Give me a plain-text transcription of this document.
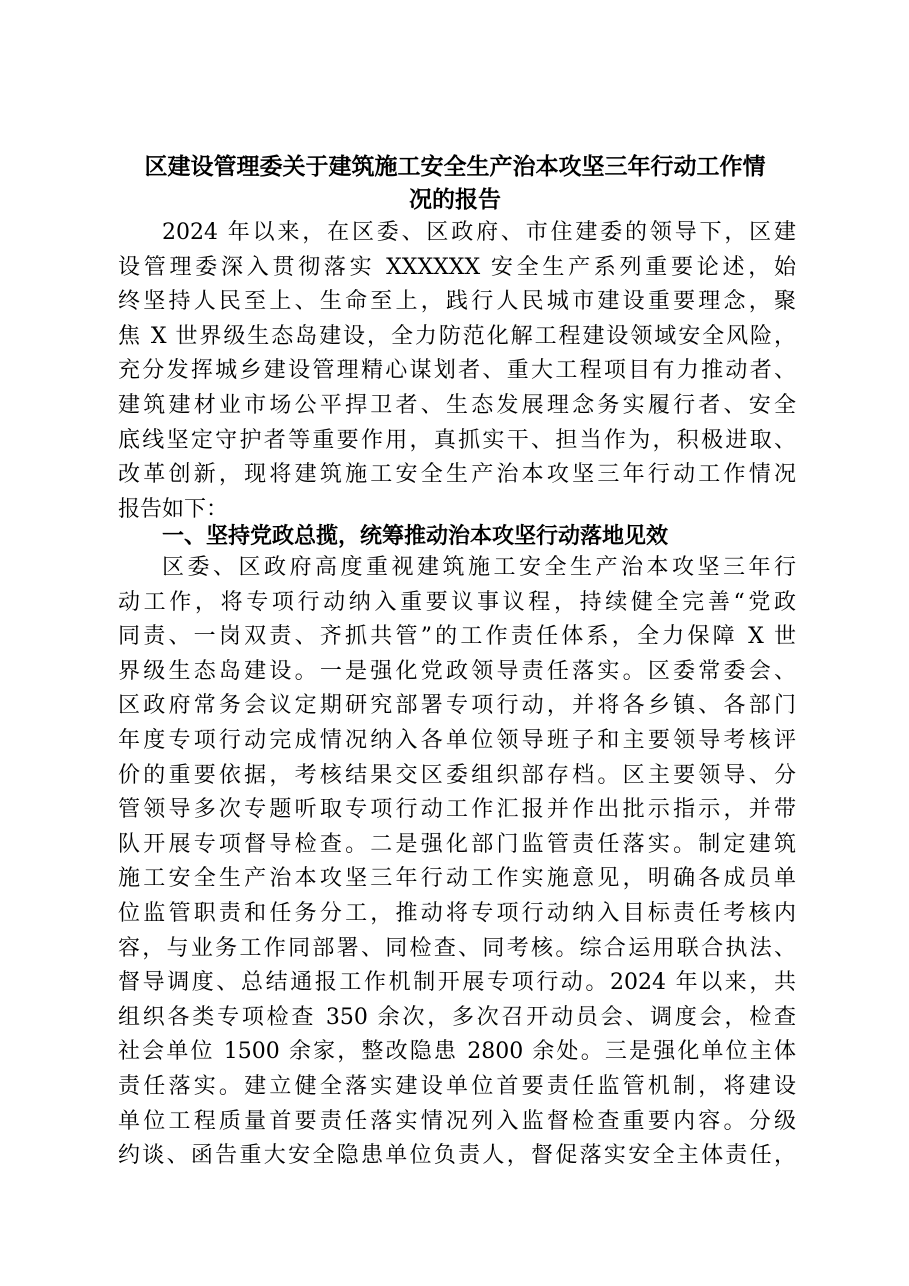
区建设管理委关于建筑施工安全生产治本攻坚三年行动工作情
况的报告
2024 年以来，在区委、区政府、市住建委的领导下，区建
设管理委深入贯彻落实 XXXXXX 安全生产系列重要论述，始
终坚持人民至上、生命至上，践行人民城市建设重要理念，聚
焦 X 世界级生态岛建设，全力防范化解工程建设领域安全风险，
充分发挥城乡建设管理精心谋划者、重大工程项目有力推动者、
建筑建材业市场公平捍卫者、生态发展理念务实履行者、安全
底线坚定守护者等重要作用，真抓实干、担当作为，积极进取、
改革创新，现将建筑施工安全生产治本攻坚三年行动工作情况
报告如下：
一、坚持党政总揽，统筹推动治本攻坚行动落地见效
区委、区政府高度重视建筑施工安全生产治本攻坚三年行
动工作，将专项行动纳入重要议事议程，持续健全完善“党政
同责、一岗双责、齐抓共管”的工作责任体系，全力保障 X 世
界级生态岛建设。一是强化党政领导责任落实。区委常委会、
区政府常务会议定期研究部署专项行动，并将各乡镇、各部门
年度专项行动完成情况纳入各单位领导班子和主要领导考核评
价的重要依据，考核结果交区委组织部存档。区主要领导、分
管领导多次专题听取专项行动工作汇报并作出批示指示，并带
队开展专项督导检查。二是强化部门监管责任落实。制定建筑
施工安全生产治本攻坚三年行动工作实施意见，明确各成员单
位监管职责和任务分工，推动将专项行动纳入目标责任考核内
容，与业务工作同部署、同检查、同考核。综合运用联合执法、
督导调度、总结通报工作机制开展专项行动。2024 年以来，共
组织各类专项检查 350 余次，多次召开动员会、调度会，检查
社会单位 1500 余家，整改隐患 2800 余处。三是强化单位主体
责任落实。建立健全落实建设单位首要责任监管机制，将建设
单位工程质量首要责任落实情况列入监督检查重要内容。分级
约谈、函告重大安全隐患单位负责人，督促落实安全主体责任，
